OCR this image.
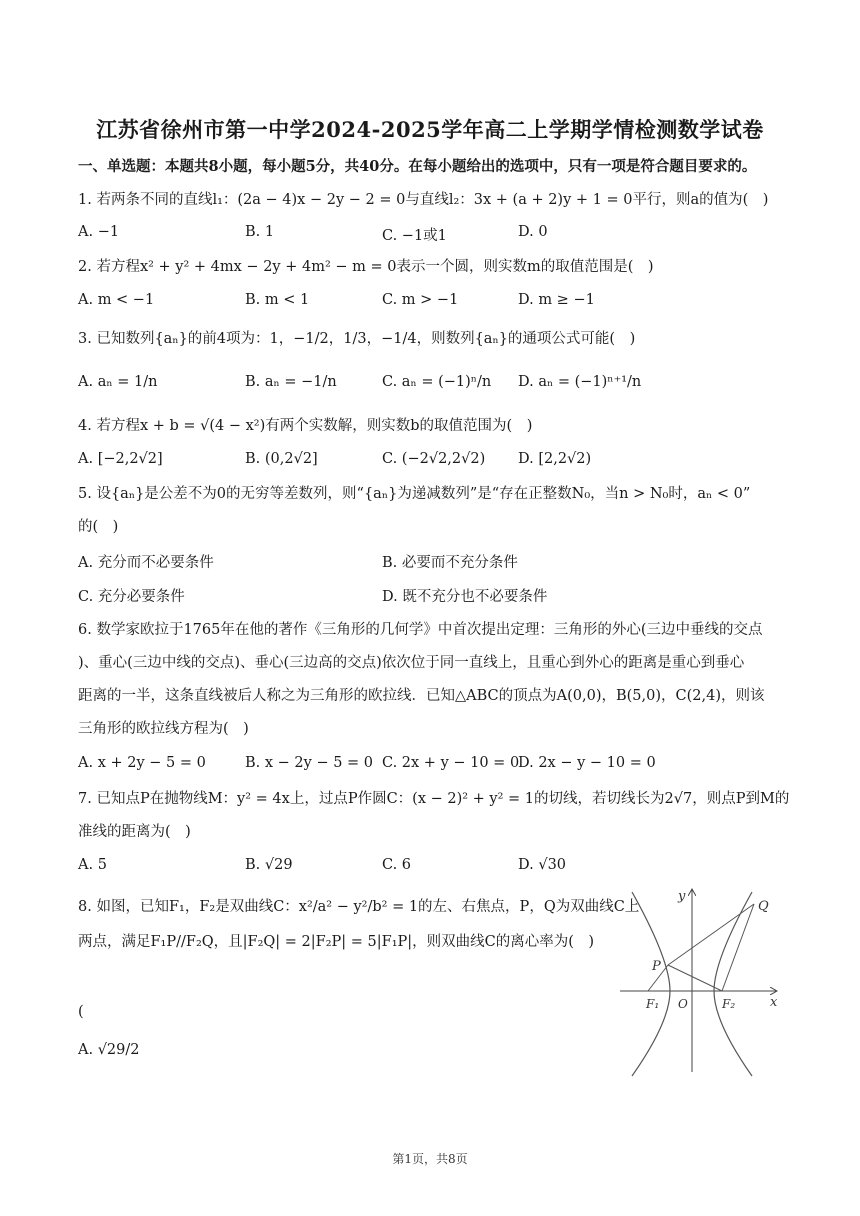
江苏省徐州市第一中学2024-2025学年高二上学期学情检测数学试卷
一、单选题：本题共8小题，每小题5分，共40分。在每小题给出的选项中，只有一项是符合题目要求的。
1. 若两条不同的直线l₁：(2a − 4)x − 2y − 2 = 0与直线l₂：3x + (a + 2)y + 1 = 0平行，则a的值为(　)
A. −1	B. 1	C. −1或1	D. 0
2. 若方程x² + y² + 4mx − 2y + 4m² − m = 0表示一个圆，则实数m的取值范围是(　)
A. m < −1	B. m < 1	C. m > −1	D. m ≥ −1
3. 已知数列{aₙ}的前4项为：1，−1/2，1/3，−1/4，则数列{aₙ}的通项公式可能(　)
A. aₙ = 1/n	B. aₙ = −1/n	C. aₙ = (−1)ⁿ/n D. aₙ = (−1)ⁿ⁺¹/n
4. 若方程x + b = √(4 − x²)有两个实数解，则实数b的取值范围为(　)
A. [−2,2√2]	B. (0,2√2]	C. (−2√2,2√2) D. [2,2√2)
5. 设{aₙ}是公差不为0的无穷等差数列，则“{aₙ}为递减数列”是“存在正整数N₀，当n > N₀时，aₙ < 0”
的(　)
A. 充分而不必要条件	B. 必要而不充分条件
C. 充分必要条件	D. 既不充分也不必要条件
6. 数学家欧拉于1765年在他的著作《三角形的几何学》中首次提出定理：三角形的外心(三边中垂线的交点
)、重心(三边中线的交点)、垂心(三边高的交点)依次位于同一直线上，且重心到外心的距离是重心到垂心
距离的一半，这条直线被后人称之为三角形的欧拉线．已知△ABC的顶点为A(0,0)，B(5,0)，C(2,4)，则该
三角形的欧拉线方程为(　)
A. x + 2y − 5 = 0	B. x − 2y − 5 = 0 C. 2x + y − 10 = 0
D. 2x − y − 10 = 0
7. 已知点P在抛物线M：y² = 4x上，过点P作圆C：(x − 2)² + y² = 1的切线，若切线长为2√7，则点P到M的
准线的距离为(　)
A. 5	B. √29	C. 6	D. √30
8. 如图，已知F₁，F₂是双曲线C：x²/a² − y²/b² = 1的左、右焦点，P，Q为双曲线C上
两点，满足F₁P//F₂Q，且|F₂Q| = 2|F₂P| = 5|F₁P|，则双曲线C的离心率为(　)
(
A. √29/2
y
x
Q
P
F₁ O	F₂
第1页，共8页
